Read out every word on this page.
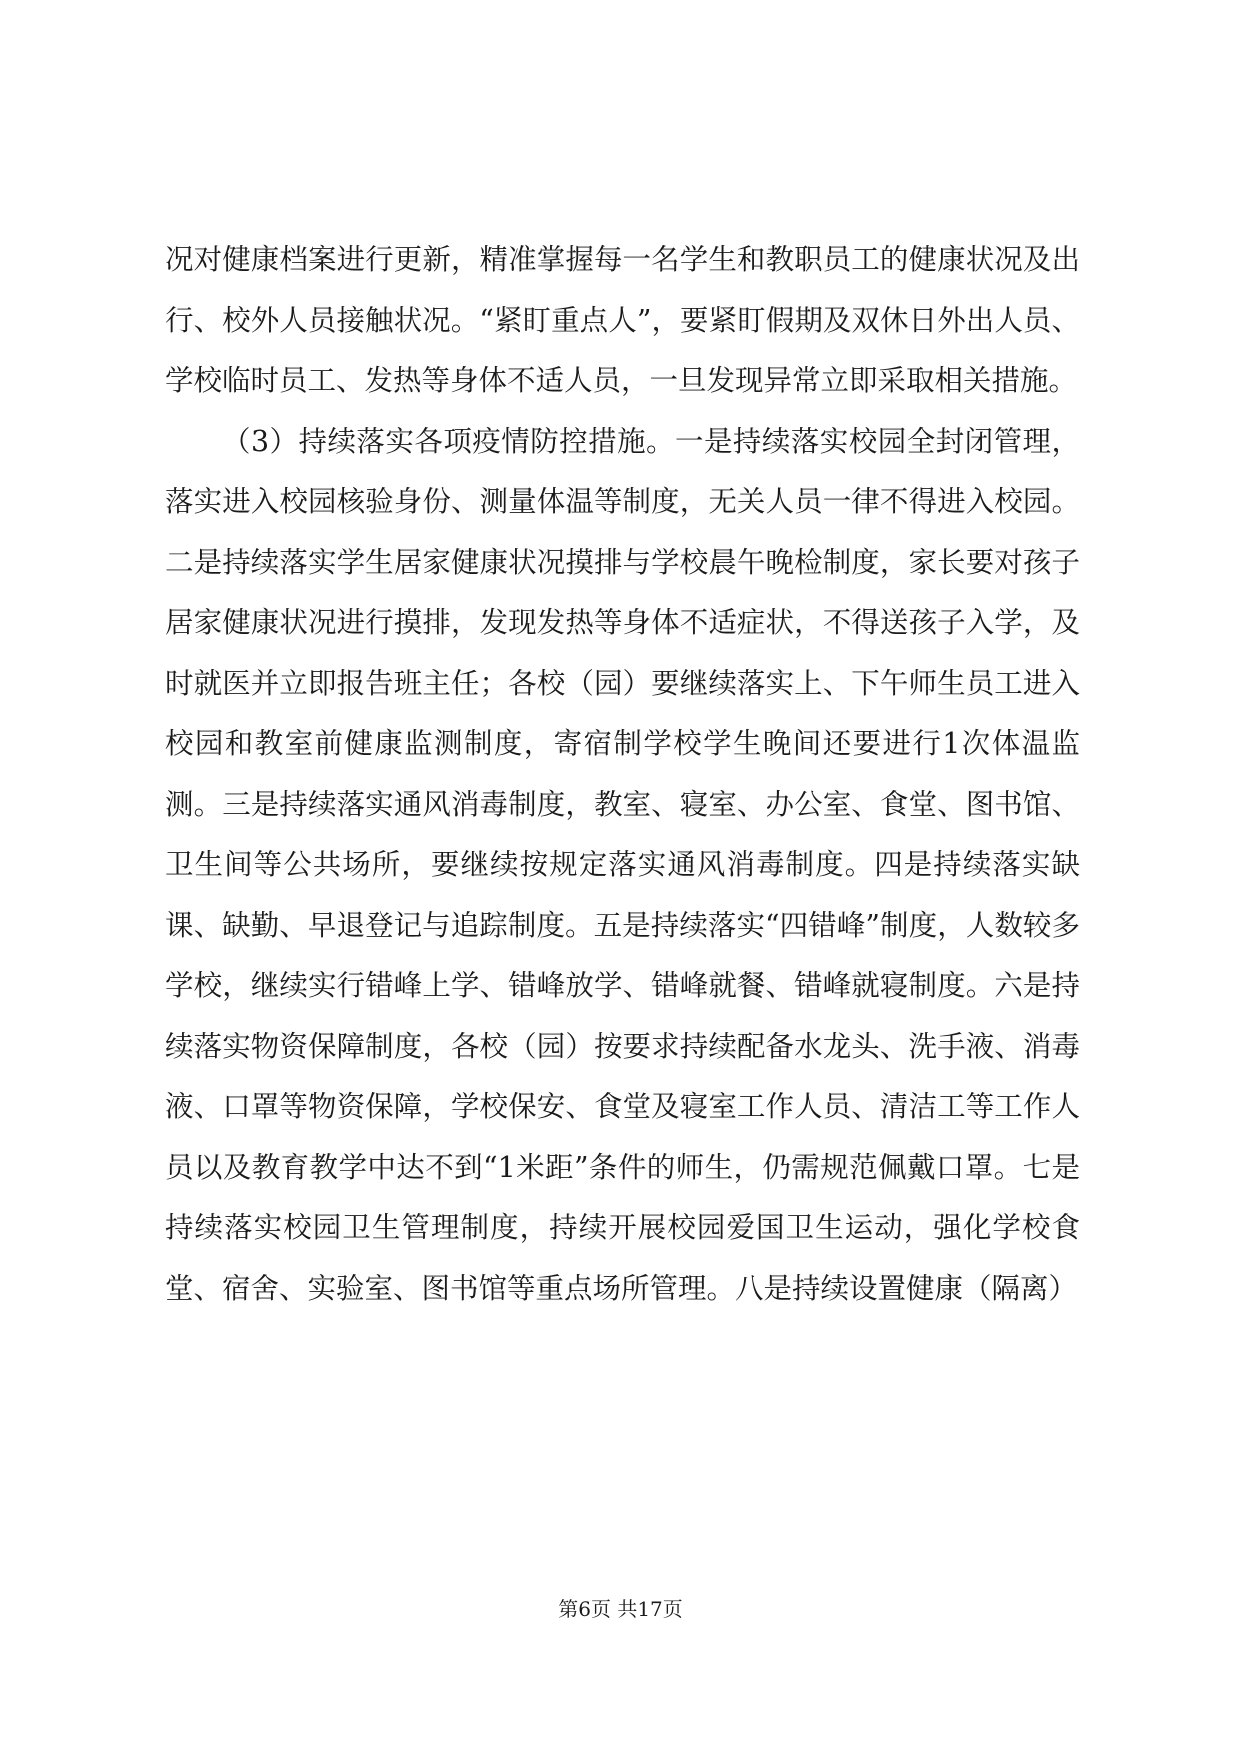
况对健康档案进行更新，精准掌握每一名学生和教职员工的健康状况及出行、校外人员接触状况。“紧盯重点人”，要紧盯假期及双休日外出人员、学校临时员工、发热等身体不适人员，一旦发现异常立即采取相关措施。

（3）持续落实各项疫情防控措施。一是持续落实校园全封闭管理，落实进入校园核验身份、测量体温等制度，无关人员一律不得进入校园。二是持续落实学生居家健康状况摸排与学校晨午晚检制度，家长要对孩子居家健康状况进行摸排，发现发热等身体不适症状，不得送孩子入学，及时就医并立即报告班主任；各校（园）要继续落实上、下午师生员工进入校园和教室前健康监测制度，寄宿制学校学生晚间还要进行1次体温监测。三是持续落实通风消毒制度，教室、寝室、办公室、食堂、图书馆、卫生间等公共场所，要继续按规定落实通风消毒制度。四是持续落实缺课、缺勤、早退登记与追踪制度。五是持续落实“四错峰”制度，人数较多学校，继续实行错峰上学、错峰放学、错峰就餐、错峰就寝制度。六是持续落实物资保障制度，各校（园）按要求持续配备水龙头、洗手液、消毒液、口罩等物资保障，学校保安、食堂及寝室工作人员、清洁工等工作人员以及教育教学中达不到“1米距”条件的师生，仍需规范佩戴口罩。七是持续落实校园卫生管理制度，持续开展校园爱国卫生运动，强化学校食堂、宿舍、实验室、图书馆等重点场所管理。八是持续设置健康（隔离）

第6页 共17页
